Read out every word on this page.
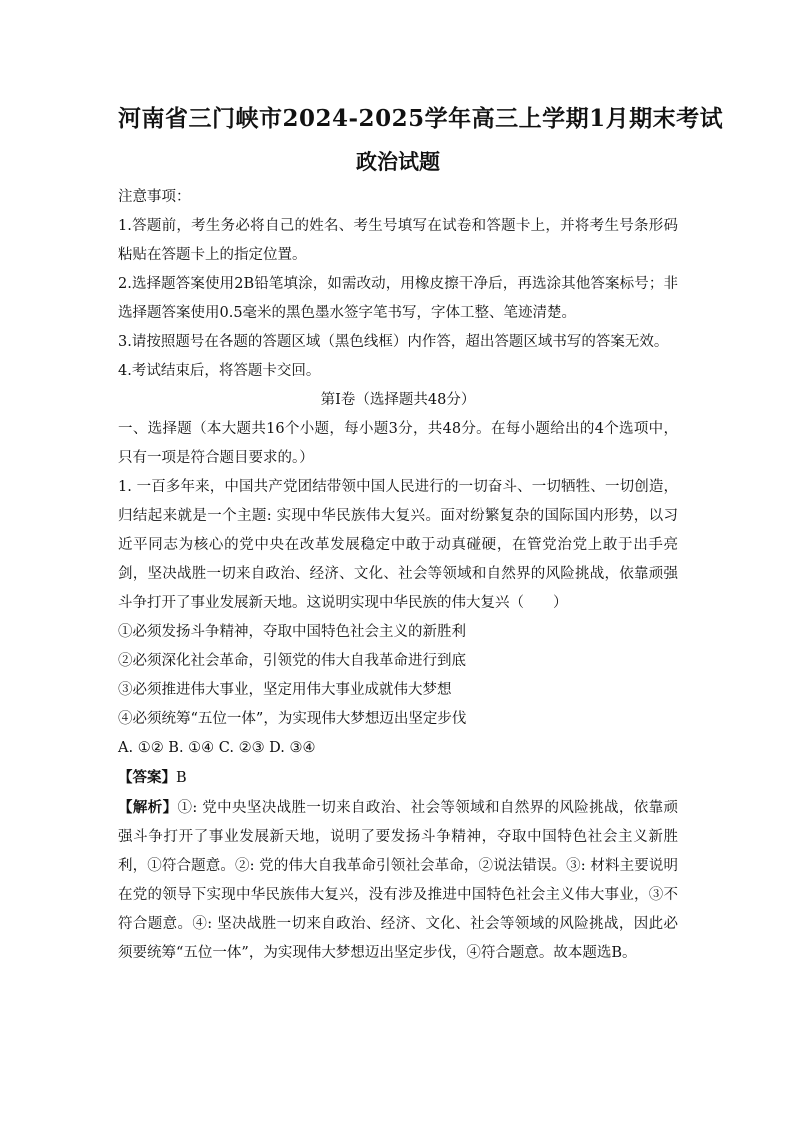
河南省三门峡市2024-2025学年高三上学期1月期末考试
政治试题

注意事项：

1.答题前，考生务必将自己的姓名、考生号填写在试卷和答题卡上，并将考生号条形码粘贴在答题卡上的指定位置。

2.选择题答案使用2B铅笔填涂，如需改动，用橡皮擦干净后，再选涂其他答案标号；非选择题答案使用0.5毫米的黑色墨水签字笔书写，字体工整、笔迹清楚。

3.请按照题号在各题的答题区域（黑色线框）内作答，超出答题区域书写的答案无效。

4.考试结束后，将答题卡交回。

第I卷（选择题共48分）

一、选择题（本大题共16个小题，每小题3分，共48分。在每小题给出的4个选项中，只有一项是符合题目要求的。）

1. 一百多年来，中国共产党团结带领中国人民进行的一切奋斗、一切牺牲、一切创造，归结起来就是一个主题: 实现中华民族伟大复兴。面对纷繁复杂的国际国内形势，以习近平同志为核心的党中央在改革发展稳定中敢于动真碰硬，在管党治党上敢于出手亮剑，坚决战胜一切来自政治、经济、文化、社会等领域和自然界的风险挑战，依靠顽强斗争打开了事业发展新天地。这说明实现中华民族的伟大复兴（　　）

①必须发扬斗争精神，夺取中国特色社会主义的新胜利

②必须深化社会革命，引领党的伟大自我革命进行到底

③必须推进伟大事业，坚定用伟大事业成就伟大梦想

④必须统筹“五位一体”，为实现伟大梦想迈出坚定步伐

A. ①② B. ①④ C. ②③ D. ③④

【答案】B

【解析】①: 党中央坚决战胜一切来自政治、社会等领域和自然界的风险挑战，依靠顽强斗争打开了事业发展新天地，说明了要发扬斗争精神，夺取中国特色社会主义新胜利，①符合题意。②: 党的伟大自我革命引领社会革命，②说法错误。③: 材料主要说明在党的领导下实现中华民族伟大复兴，没有涉及推进中国特色社会主义伟大事业，③不符合题意。④: 坚决战胜一切来自政治、经济、文化、社会等领域的风险挑战，因此必须要统筹“五位一体”，为实现伟大梦想迈出坚定步伐，④符合题意。故本题选B。
